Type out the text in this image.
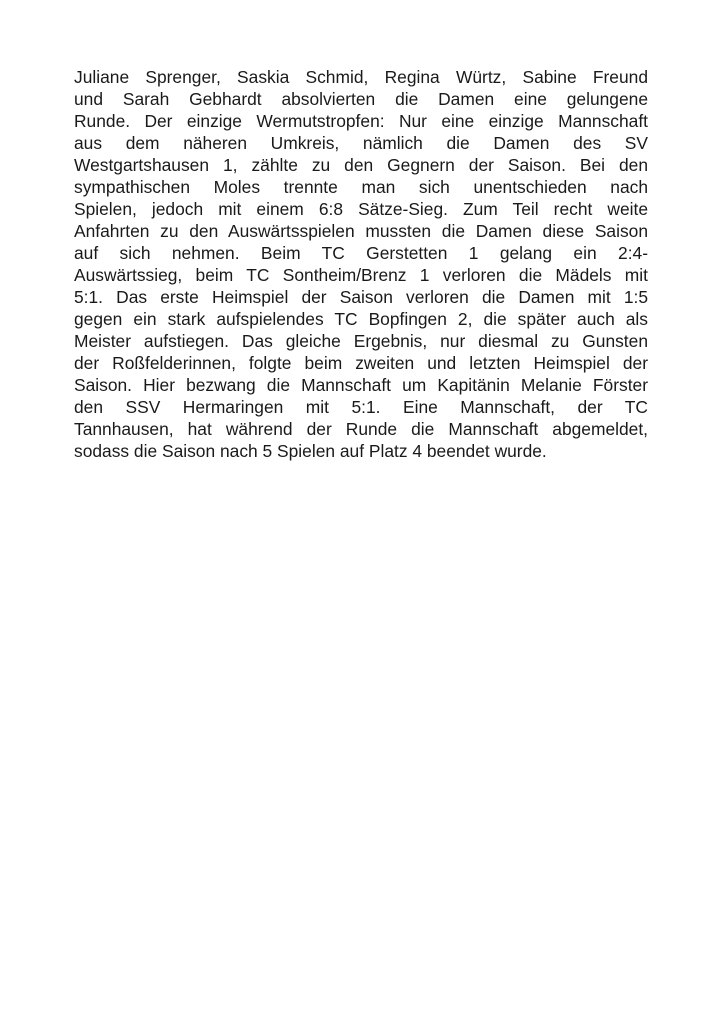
Juliane Sprenger, Saskia Schmid, Regina Würtz, Sabine Freund
und Sarah Gebhardt absolvierten die Damen eine gelungene
Runde. Der einzige Wermutstropfen: Nur eine einzige Mannschaft
aus dem näheren Umkreis, nämlich die Damen des SV
Westgartshausen 1, zählte zu den Gegnern der Saison. Bei den
sympathischen Moles trennte man sich unentschieden nach
Spielen, jedoch mit einem 6:8 Sätze-Sieg. Zum Teil recht weite
Anfahrten zu den Auswärtsspielen mussten die Damen diese Saison
auf sich nehmen. Beim TC Gerstetten 1 gelang ein 2:4-
Auswärtssieg, beim TC Sontheim/Brenz 1 verloren die Mädels mit
5:1. Das erste Heimspiel der Saison verloren die Damen mit 1:5
gegen ein stark aufspielendes TC Bopfingen 2, die später auch als
Meister aufstiegen. Das gleiche Ergebnis, nur diesmal zu Gunsten
der Roßfelderinnen, folgte beim zweiten und letzten Heimspiel der
Saison. Hier bezwang die Mannschaft um Kapitänin Melanie Förster
den SSV Hermaringen mit 5:1. Eine Mannschaft, der TC
Tannhausen, hat während der Runde die Mannschaft abgemeldet,
sodass die Saison nach 5 Spielen auf Platz 4 beendet wurde.
